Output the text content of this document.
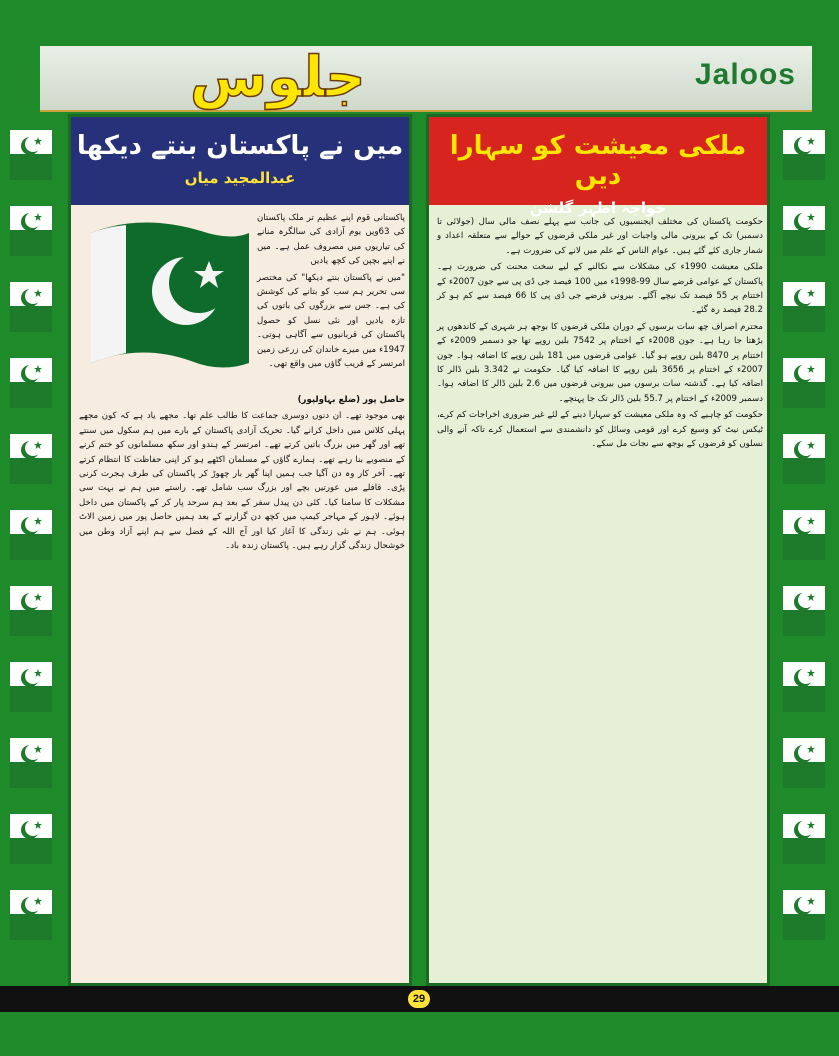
جلوس	Jaloos
میں نے پاکستان بنتے دیکھا
عبدالمجید میاں

پاکستانی قوم اپنے عظیم تر ملک پاکستان کی 63ویں یوم آزادی کی سالگرہ منانے کی تیاریوں میں مصروف عمل ہے۔ میں نے اپنے بچپن کی کچھ یادیں

"میں نے پاکستان بنتے دیکھا" کی مختصر سی تحریر ہم سب کو بتانے کی کوشش کی ہے۔ جس سے بزرگوں کی باتوں کی تازہ یادیں اور نئی نسل کو حصول پاکستان کی قربانیوں سے آگاہی ہوتی۔ 1947ء میں میرے خاندان کی زرعی زمین امرتسر کے قریب گاؤں میں واقع تھی۔

حاصل پور (ضلع بہاولپور)

بھی موجود تھے۔ ان دنوں دوسری جماعت کا طالب علم تھا۔ مجھے یاد ہے کہ کون مجھے پہلی کلاس میں داخل کرانے گیا۔ تحریک آزادی پاکستان کے بارے میں ہم سکول میں سنتے تھے اور گھر میں بزرگ باتیں کرتے تھے۔ امرتسر کے ہندو اور سکھ مسلمانوں کو ختم کرنے کے منصوبے بنا رہے تھے۔ ہمارے گاؤں کے مسلمان اکٹھے ہو کر اپنی حفاظت کا انتظام کرتے تھے۔ آخر کار وہ دن آگیا جب ہمیں اپنا گھر بار چھوڑ کر پاکستان کی طرف ہجرت کرنی پڑی۔ قافلے میں عورتیں بچے اور بزرگ سب شامل تھے۔ راستے میں ہم نے بہت سی مشکلات کا سامنا کیا۔ کئی دن پیدل سفر کے بعد ہم سرحد پار کر کے پاکستان میں داخل ہوئے۔ لاہور کے مہاجر کیمپ میں کچھ دن گزارنے کے بعد ہمیں حاصل پور میں زمین الاٹ ہوئی۔ ہم نے نئی زندگی کا آغاز کیا اور آج اللہ کے فضل سے ہم اپنے آزاد وطن میں خوشحال زندگی گزار رہے ہیں۔ پاکستان زندہ باد۔

ملکی معیشت کو سہارا دیں
خواجہ اظہر گلشن

حکومت پاکستان کی مختلف ایجنسیوں کی جانب سے پہلے نصف مالی سال (جولائی تا دسمبر) تک کے بیرونی مالی واجبات اور غیر ملکی قرضوں کے حوالے سے متعلقہ اعداد و شمار جاری کئے گئے ہیں۔ عوام الناس کے علم میں لانے کی ضرورت ہے۔

ملکی معیشت 1990ء کی مشکلات سے نکالنے کے لیے سخت محنت کی ضرورت ہے۔ پاکستان کے عوامی قرضے سال 99-1998ء میں 100 فیصد جی ڈی پی سے جون 2007ء کے اختتام پر 55 فیصد تک نیچے آگئے۔ بیرونی قرضے جی ڈی پی کا 66 فیصد سے کم ہو کر 28.2 فیصد رہ گئے۔

محترم اصراف چھ سات برسوں کے دوران ملکی قرضوں کا بوجھ ہر شہری کے کاندھوں پر بڑھتا جا رہا ہے۔ جون 2008ء کے اختتام پر 7542 بلین روپے تھا جو دسمبر 2009ء کے اختتام پر 8470 بلین روپے ہو گیا۔ عوامی قرضوں میں 181 بلین روپے کا اضافہ ہوا۔ جون 2007ء کے اختتام پر 3656 بلین روپے کا اضافہ کیا گیا۔ حکومت نے 3.342 بلین ڈالر کا اضافہ کیا ہے۔ گذشتہ سات برسوں میں بیرونی قرضوں میں 2.6 بلین ڈالر کا اضافہ ہوا۔ دسمبر 2009ء کے اختتام پر 55.7 بلین ڈالر تک جا پہنچے۔

حکومت کو چاہیے کہ وہ ملکی معیشت کو سہارا دینے کے لئے غیر ضروری اخراجات کم کرے، ٹیکس نیٹ کو وسیع کرے اور قومی وسائل کو دانشمندی سے استعمال کرے تاکہ آنے والی نسلوں کو قرضوں کے بوجھ سے نجات مل سکے۔

29
